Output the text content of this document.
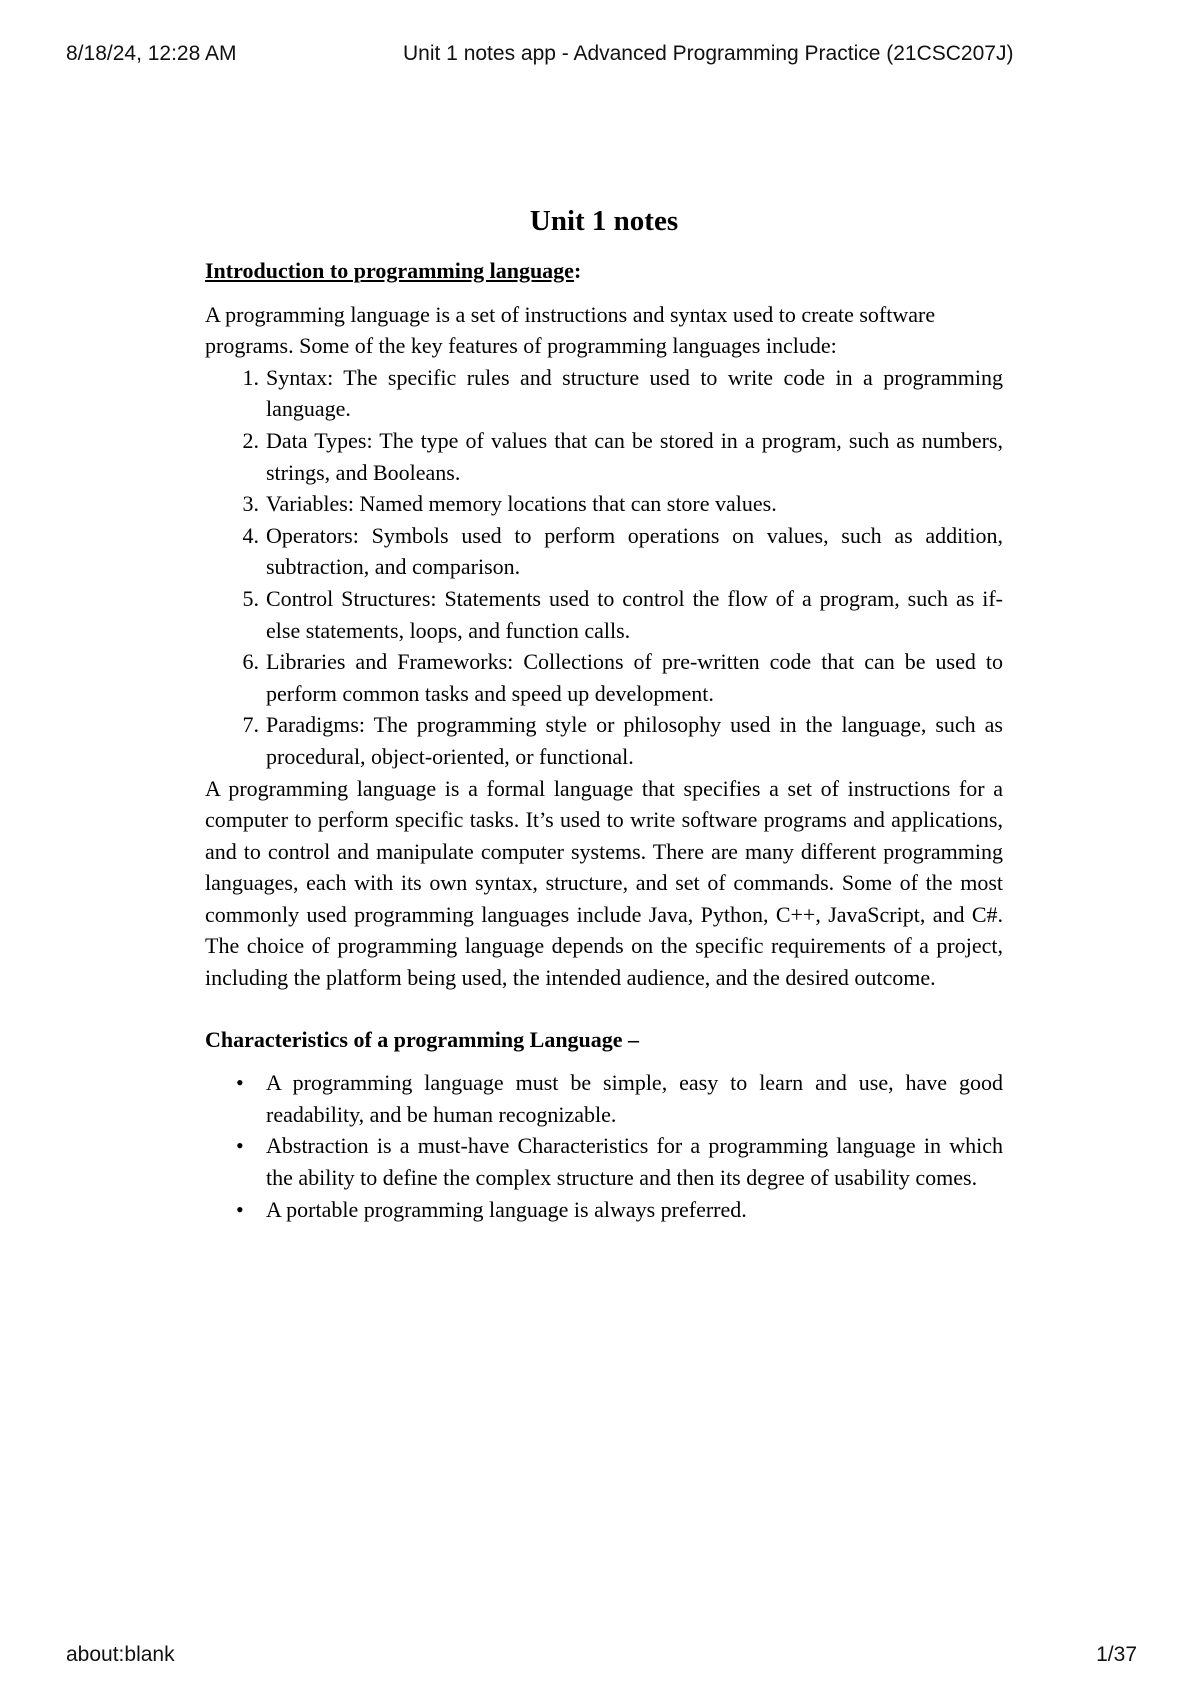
8/18/24, 12:28 AM	Unit 1 notes app - Advanced Programming Practice (21CSC207J)
Unit 1 notes
Introduction to programming language:

A programming language is a set of instructions and syntax used to create software programs. Some of the key features of programming languages include:

1. Syntax: The specific rules and structure used to write code in a programming language.
2. Data Types: The type of values that can be stored in a program, such as numbers, strings, and Booleans.
3. Variables: Named memory locations that can store values.
4. Operators: Symbols used to perform operations on values, such as addition, subtraction, and comparison.
5. Control Structures: Statements used to control the flow of a program, such as if-else statements, loops, and function calls.
6. Libraries and Frameworks: Collections of pre-written code that can be used to perform common tasks and speed up development.
7. Paradigms: The programming style or philosophy used in the language, such as procedural, object-oriented, or functional.

A programming language is a formal language that specifies a set of instructions for a computer to perform specific tasks. It’s used to write software programs and applications, and to control and manipulate computer systems. There are many different programming languages, each with its own syntax, structure, and set of commands. Some of the most commonly used programming languages include Java, Python, C++, JavaScript, and C#. The choice of programming language depends on the specific requirements of a project, including the platform being used, the intended audience, and the desired outcome.

Characteristics of a programming Language –
• A programming language must be simple, easy to learn and use, have good readability, and be human recognizable.
• Abstraction is a must-have Characteristics for a programming language in which the ability to define the complex structure and then its degree of usability comes.
• A portable programming language is always preferred.
about:blank	1/37
